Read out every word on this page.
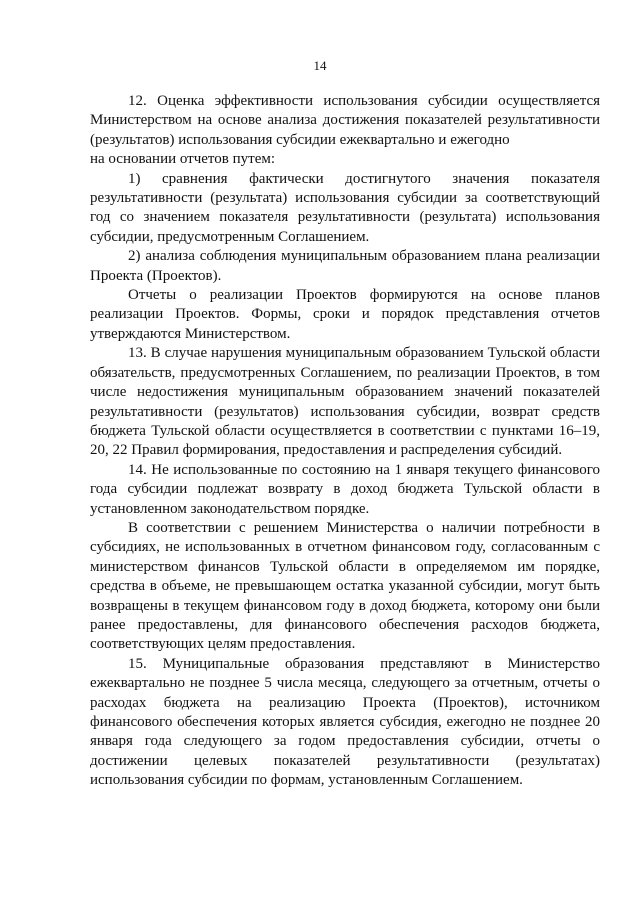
14

12. Оценка эффективности использования субсидии осуществляется Министерством на основе анализа достижения показателей результативности (результатов) использования субсидии ежеквартально и ежегодно

на основании отчетов путем:

1) сравнения фактически достигнутого значения показателя результативности (результата) использования субсидии за соответствующий год со значением показателя результативности (результата) использования субсидии, предусмотренным Соглашением.

2) анализа соблюдения муниципальным образованием плана реализации Проекта (Проектов).

Отчеты о реализации Проектов формируются на основе планов реализации Проектов. Формы, сроки и порядок представления отчетов утверждаются Министерством.

13. В случае нарушения муниципальным образованием Тульской области обязательств, предусмотренных Соглашением, по реализации Проектов, в том числе недостижения муниципальным образованием значений показателей результативности (результатов) использования субсидии, возврат средств бюджета Тульской области осуществляется в соответствии с пунктами 16–19, 20, 22 Правил формирования, предоставления и распределения субсидий.

14. Не использованные по состоянию на 1 января текущего финансового года субсидии подлежат возврату в доход бюджета Тульской области в установленном законодательством порядке.

В соответствии с решением Министерства о наличии потребности в субсидиях, не использованных в отчетном финансовом году, согласованным с министерством финансов Тульской области в определяемом им порядке, средства в объеме, не превышающем остатка указанной субсидии, могут быть возвращены в текущем финансовом году в доход бюджета, которому они были ранее предоставлены, для финансового обеспечения расходов бюджета, соответствующих целям предоставления.

15. Муниципальные образования представляют в Министерство ежеквартально не позднее 5 числа месяца, следующего за отчетным, отчеты о расходах бюджета на реализацию Проекта (Проектов), источником финансового обеспечения которых является субсидия, ежегодно не позднее 20 января года следующего за годом предоставления субсидии, отчеты о достижении целевых показателей результативности (результатах) использования субсидии по формам, установленным Соглашением.
